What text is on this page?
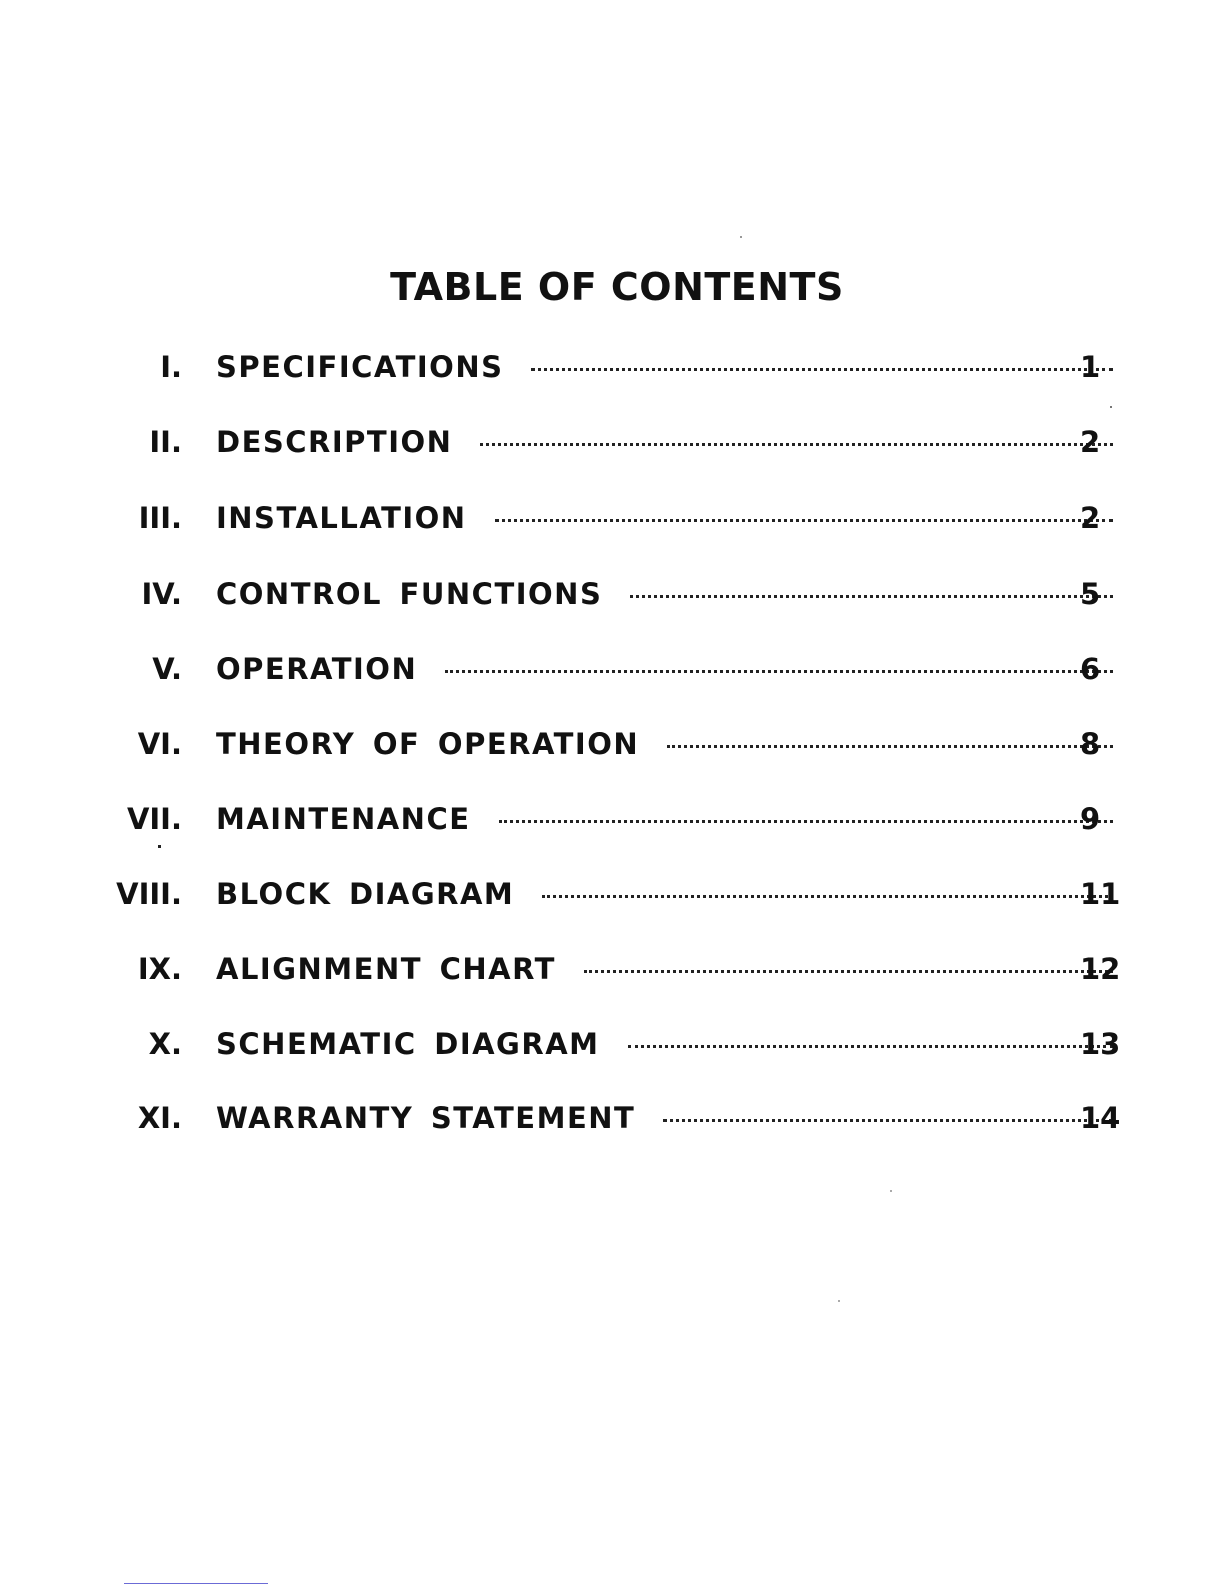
TABLE OF CONTENTS
I. SPECIFICATIONS	1
II. DESCRIPTION	2
III. INSTALLATION	2
IV. CONTROL FUNCTIONS	5
V. OPERATION	6
VI. THEORY OF OPERATION	8
VII. MAINTENANCE	9
VIII. BLOCK DIAGRAM	11
IX. ALIGNMENT CHART	12
X. SCHEMATIC DIAGRAM	13
XI. WARRANTY STATEMENT	14
